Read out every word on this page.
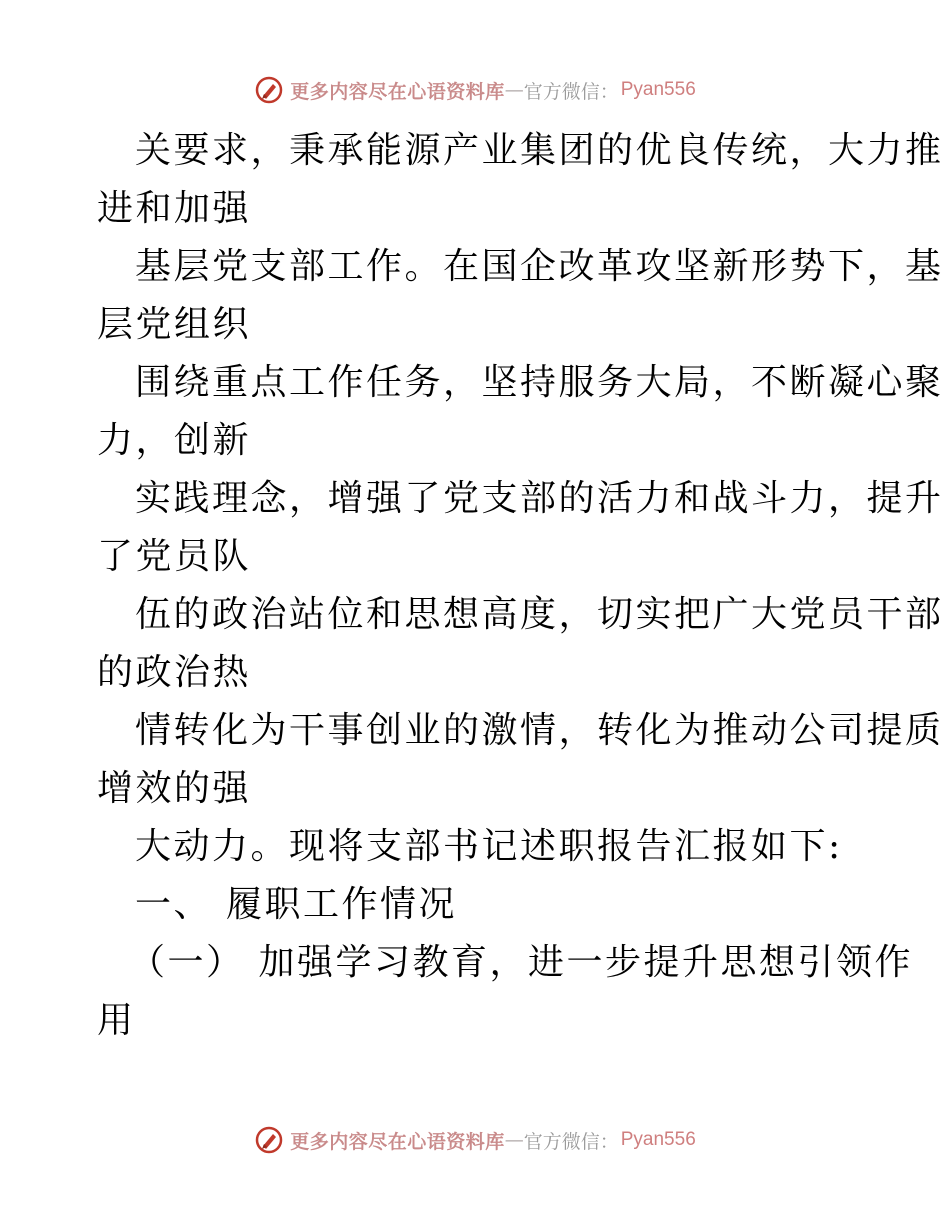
更多内容尽在心语资料库 — 官方微信： Pyan556

关要求，秉承能源产业集团的优良传统，大力推

进和加强

基层党支部工作。在国企改革攻坚新形势下，基

层党组织

围绕重点工作任务，坚持服务大局，不断凝心聚

力，创新

实践理念，增强了党支部的活力和战斗力，提升

了党员队

伍的政治站位和思想高度，切实把广大党员干部

的政治热

情转化为干事创业的激情，转化为推动公司提质

增效的强

大动力。现将支部书记述职报告汇报如下:

一、 履职工作情况

（一） 加强学习教育，进一步提升思想引领作

用

更多内容尽在心语资料库 — 官方微信： Pyan556
